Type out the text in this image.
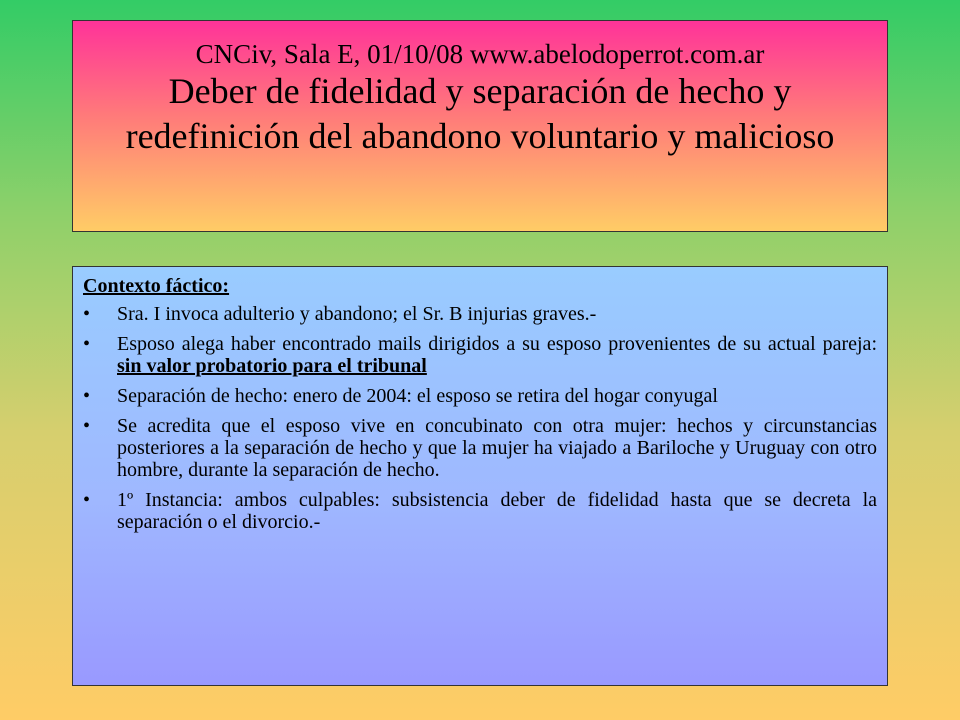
CNCiv, Sala E, 01/10/08 www.abelodoperrot.com.ar
Deber de fidelidad y separación de hecho y redefinición del abandono voluntario y malicioso
Contexto fáctico:
• Sra. I invoca adulterio y abandono; el Sr. B injurias graves.-
• Esposo alega haber encontrado mails dirigidos a su esposo provenientes de su actual pareja: sin valor probatorio para el tribunal
• Separación de hecho: enero de 2004: el esposo se retira del hogar conyugal
• Se acredita que el esposo vive en concubinato con otra mujer: hechos y circunstancias posteriores a la separación de hecho y que la mujer ha viajado a Bariloche y Uruguay con otro hombre, durante la separación de hecho.
• 1º Instancia: ambos culpables: subsistencia deber de fidelidad hasta que se decreta la separación o el divorcio.-
